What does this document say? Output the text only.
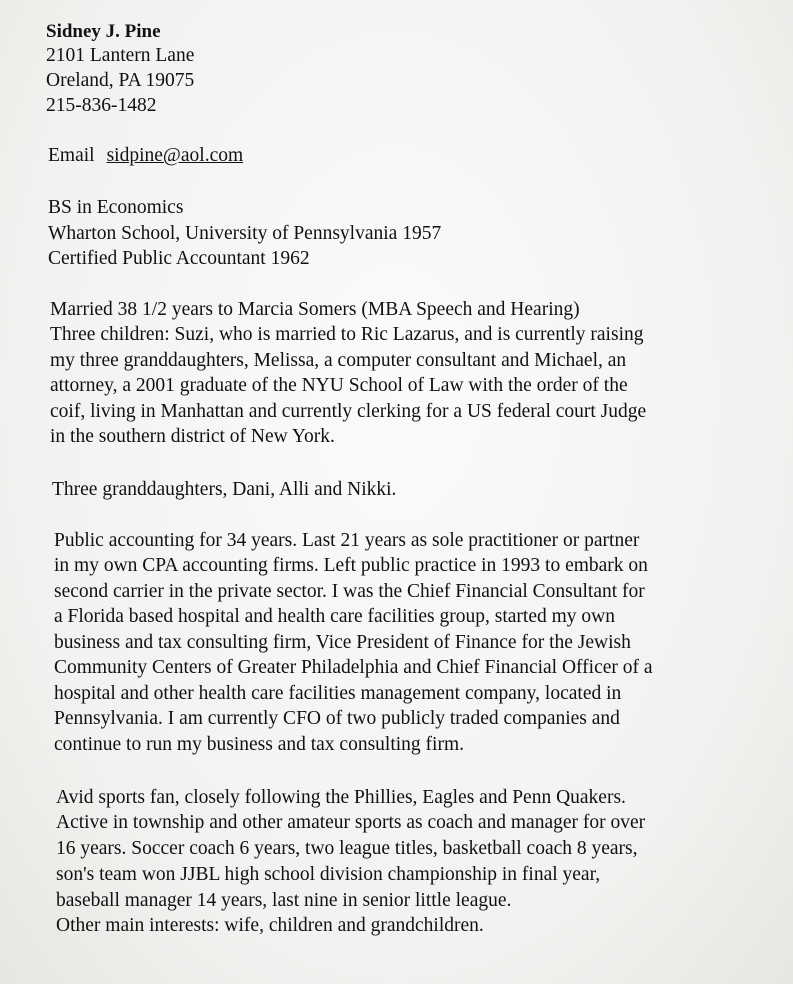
Sidney J. Pine
2101 Lantern Lane
Oreland, PA 19075
215-836-1482
Email sidpine@aol.com
BS in Economics
Wharton School, University of Pennsylvania 1957
Certified Public Accountant 1962
Married 38 1/2 years to Marcia Somers (MBA Speech and Hearing)
Three children: Suzi, who is married to Ric Lazarus, and is currently raising
my three granddaughters, Melissa, a computer consultant and Michael, an
attorney, a 2001 graduate of the NYU School of Law with the order of the
coif, living in Manhattan and currently clerking for a US federal court Judge
in the southern district of New York.
Three granddaughters, Dani, Alli and Nikki.
Public accounting for 34 years. Last 21 years as sole practitioner or partner
in my own CPA accounting firms. Left public practice in 1993 to embark on
second carrier in the private sector. I was the Chief Financial Consultant for
a Florida based hospital and health care facilities group, started my own
business and tax consulting firm, Vice President of Finance for the Jewish
Community Centers of Greater Philadelphia and Chief Financial Officer of a
hospital and other health care facilities management company, located in
Pennsylvania. I am currently CFO of two publicly traded companies and
continue to run my business and tax consulting firm.
Avid sports fan, closely following the Phillies, Eagles and Penn Quakers.
Active in township and other amateur sports as coach and manager for over
16 years. Soccer coach 6 years, two league titles, basketball coach 8 years,
son's team won JJBL high school division championship in final year,
baseball manager 14 years, last nine in senior little league.
Other main interests: wife, children and grandchildren.
